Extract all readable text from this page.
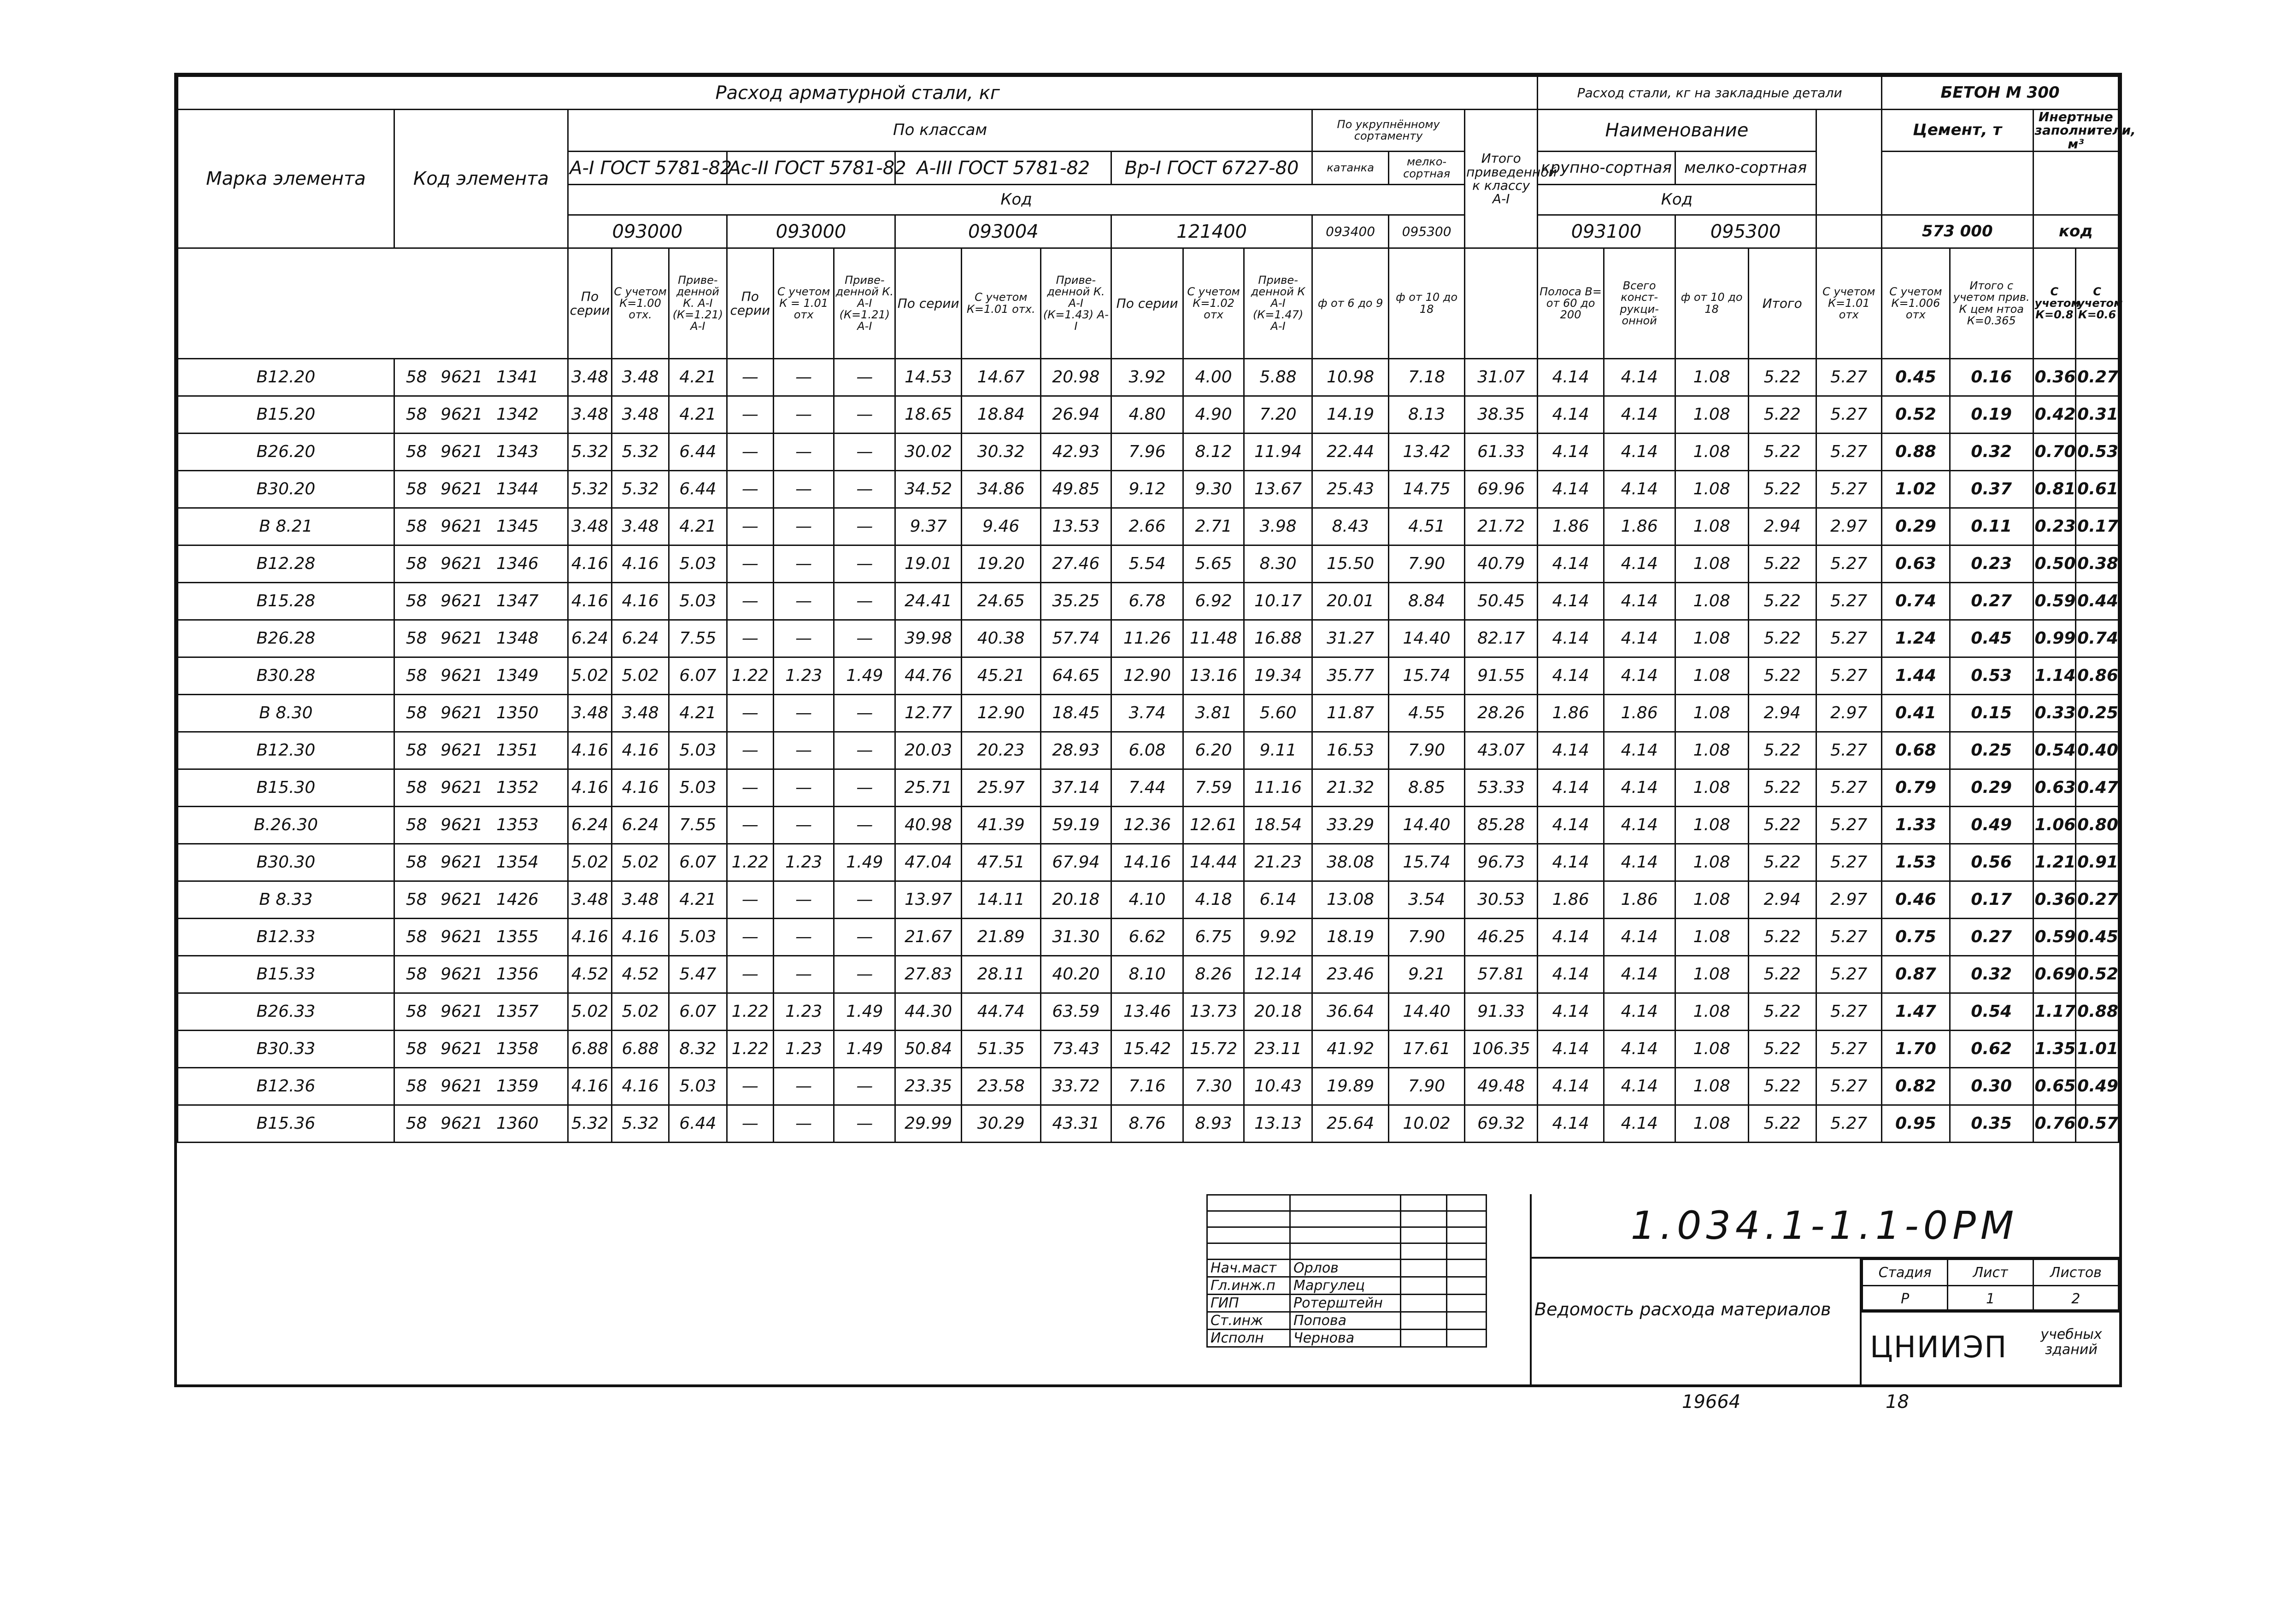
Расход арматурной стали, кг																	Расход стали, кг на закладные детали					БЕТОН М 300			
Марка элемента	Код элемента	По классам												По укрупнённому сортаменту		Итого приведенной к классу А-I	Наименование					Цемент, т		Инертные заполнители, м³	
		А-I ГОСТ 5781-82			Ас-II ГОСТ 5781-82			А-III ГОСТ 5781-82			Вр-I ГОСТ 6727-80			катанка	мелко-сортная		крупно-сортная		мелко-сортная						
		Код															Код								
		093000			093000			093004			121400			093400	095300		093100		095300			573 000		код	
		По серии	С учетом К=1.00 отх.	Приве-денной К. А-I (К=1.21) А-I	По серии	С учетом К = 1.01 отх	Приве-денной К. А-I (К=1.21) А-I	По серии	С учетом К=1.01 отх.	Приве-денной К. А-I (К=1.43) А-I	По серии	С учетом К=1.02 отх	Приве-денной К А-I (К=1.47) А-I	ф от 6 до 9	ф от 10 до 18		Полоса В= от 60 до 200	Всего конст-рукци-онной	ф от 10 до 18	Итого	С учетом К=1.01 отх	С учетом К=1.006 отх	Итого с учетом прив. К цем нтоа К=0.365	С учетом К=0.8	С учетом К=0.6
В12.20	58 9621 1341	3.48	3.48	4.21	—	—	—	14.53	14.67	20.98	3.92	4.00	5.88	10.98	7.18	31.07	4.14	4.14	1.08	5.22	5.27	0.45	0.16	0.36	0.27
В15.20	58 9621 1342	3.48	3.48	4.21	—	—	—	18.65	18.84	26.94	4.80	4.90	7.20	14.19	8.13	38.35	4.14	4.14	1.08	5.22	5.27	0.52	0.19	0.42	0.31
В26.20	58 9621 1343	5.32	5.32	6.44	—	—	—	30.02	30.32	42.93	7.96	8.12	11.94	22.44	13.42	61.33	4.14	4.14	1.08	5.22	5.27	0.88	0.32	0.70	0.53
В30.20	58 9621 1344	5.32	5.32	6.44	—	—	—	34.52	34.86	49.85	9.12	9.30	13.67	25.43	14.75	69.96	4.14	4.14	1.08	5.22	5.27	1.02	0.37	0.81	0.61
В 8.21	58 9621 1345	3.48	3.48	4.21	—	—	—	9.37	9.46	13.53	2.66	2.71	3.98	8.43	4.51	21.72	1.86	1.86	1.08	2.94	2.97	0.29	0.11	0.23	0.17
В12.28	58 9621 1346	4.16	4.16	5.03	—	—	—	19.01	19.20	27.46	5.54	5.65	8.30	15.50	7.90	40.79	4.14	4.14	1.08	5.22	5.27	0.63	0.23	0.50	0.38
В15.28	58 9621 1347	4.16	4.16	5.03	—	—	—	24.41	24.65	35.25	6.78	6.92	10.17	20.01	8.84	50.45	4.14	4.14	1.08	5.22	5.27	0.74	0.27	0.59	0.44
В26.28	58 9621 1348	6.24	6.24	7.55	—	—	—	39.98	40.38	57.74	11.26	11.48	16.88	31.27	14.40	82.17	4.14	4.14	1.08	5.22	5.27	1.24	0.45	0.99	0.74
В30.28	58 9621 1349	5.02	5.02	6.07	1.22	1.23	1.49	44.76	45.21	64.65	12.90	13.16	19.34	35.77	15.74	91.55	4.14	4.14	1.08	5.22	5.27	1.44	0.53	1.14	0.86
В 8.30	58 9621 1350	3.48	3.48	4.21	—	—	—	12.77	12.90	18.45	3.74	3.81	5.60	11.87	4.55	28.26	1.86	1.86	1.08	2.94	2.97	0.41	0.15	0.33	0.25
В12.30	58 9621 1351	4.16	4.16	5.03	—	—	—	20.03	20.23	28.93	6.08	6.20	9.11	16.53	7.90	43.07	4.14	4.14	1.08	5.22	5.27	0.68	0.25	0.54	0.40
В15.30	58 9621 1352	4.16	4.16	5.03	—	—	—	25.71	25.97	37.14	7.44	7.59	11.16	21.32	8.85	53.33	4.14	4.14	1.08	5.22	5.27	0.79	0.29	0.63	0.47
В.26.30	58 9621 1353	6.24	6.24	7.55	—	—	—	40.98	41.39	59.19	12.36	12.61	18.54	33.29	14.40	85.28	4.14	4.14	1.08	5.22	5.27	1.33	0.49	1.06	0.80
В30.30	58 9621 1354	5.02	5.02	6.07	1.22	1.23	1.49	47.04	47.51	67.94	14.16	14.44	21.23	38.08	15.74	96.73	4.14	4.14	1.08	5.22	5.27	1.53	0.56	1.21	0.91
В 8.33	58 9621 1426	3.48	3.48	4.21	—	—	—	13.97	14.11	20.18	4.10	4.18	6.14	13.08	3.54	30.53	1.86	1.86	1.08	2.94	2.97	0.46	0.17	0.36	0.27
В12.33	58 9621 1355	4.16	4.16	5.03	—	—	—	21.67	21.89	31.30	6.62	6.75	9.92	18.19	7.90	46.25	4.14	4.14	1.08	5.22	5.27	0.75	0.27	0.59	0.45
В15.33	58 9621 1356	4.52	4.52	5.47	—	—	—	27.83	28.11	40.20	8.10	8.26	12.14	23.46	9.21	57.81	4.14	4.14	1.08	5.22	5.27	0.87	0.32	0.69	0.52
В26.33	58 9621 1357	5.02	5.02	6.07	1.22	1.23	1.49	44.30	44.74	63.59	13.46	13.73	20.18	36.64	14.40	91.33	4.14	4.14	1.08	5.22	5.27	1.47	0.54	1.17	0.88
В30.33	58 9621 1358	6.88	6.88	8.32	1.22	1.23	1.49	50.84	51.35	73.43	15.42	15.72	23.11	41.92	17.61	106.35	4.14	4.14	1.08	5.22	5.27	1.70	0.62	1.35	1.01
В12.36	58 9621 1359	4.16	4.16	5.03	—	—	—	23.35	23.58	33.72	7.16	7.30	10.43	19.89	7.90	49.48	4.14	4.14	1.08	5.22	5.27	0.82	0.30	0.65	0.49
В15.36	58 9621 1360	5.32	5.32	6.44	—	—	—	29.99	30.29	43.31	8.76	8.93	13.13	25.64	10.02	69.32	4.14	4.14	1.08	5.22	5.27	0.95	0.35	0.76	0.57

Нач.маст	Орлов		
Гл.инж.п	Маргулец		
ГИП	Ротерштейн		
Ст.инж	Попова		
Исполн	Чернова		
1.034.1-1.1-0РМ
Ведомость расхода материалов
Стадия	Лист	Листов
Р	1	2
ЦНИИЭП	учебных зданий
19664	18
